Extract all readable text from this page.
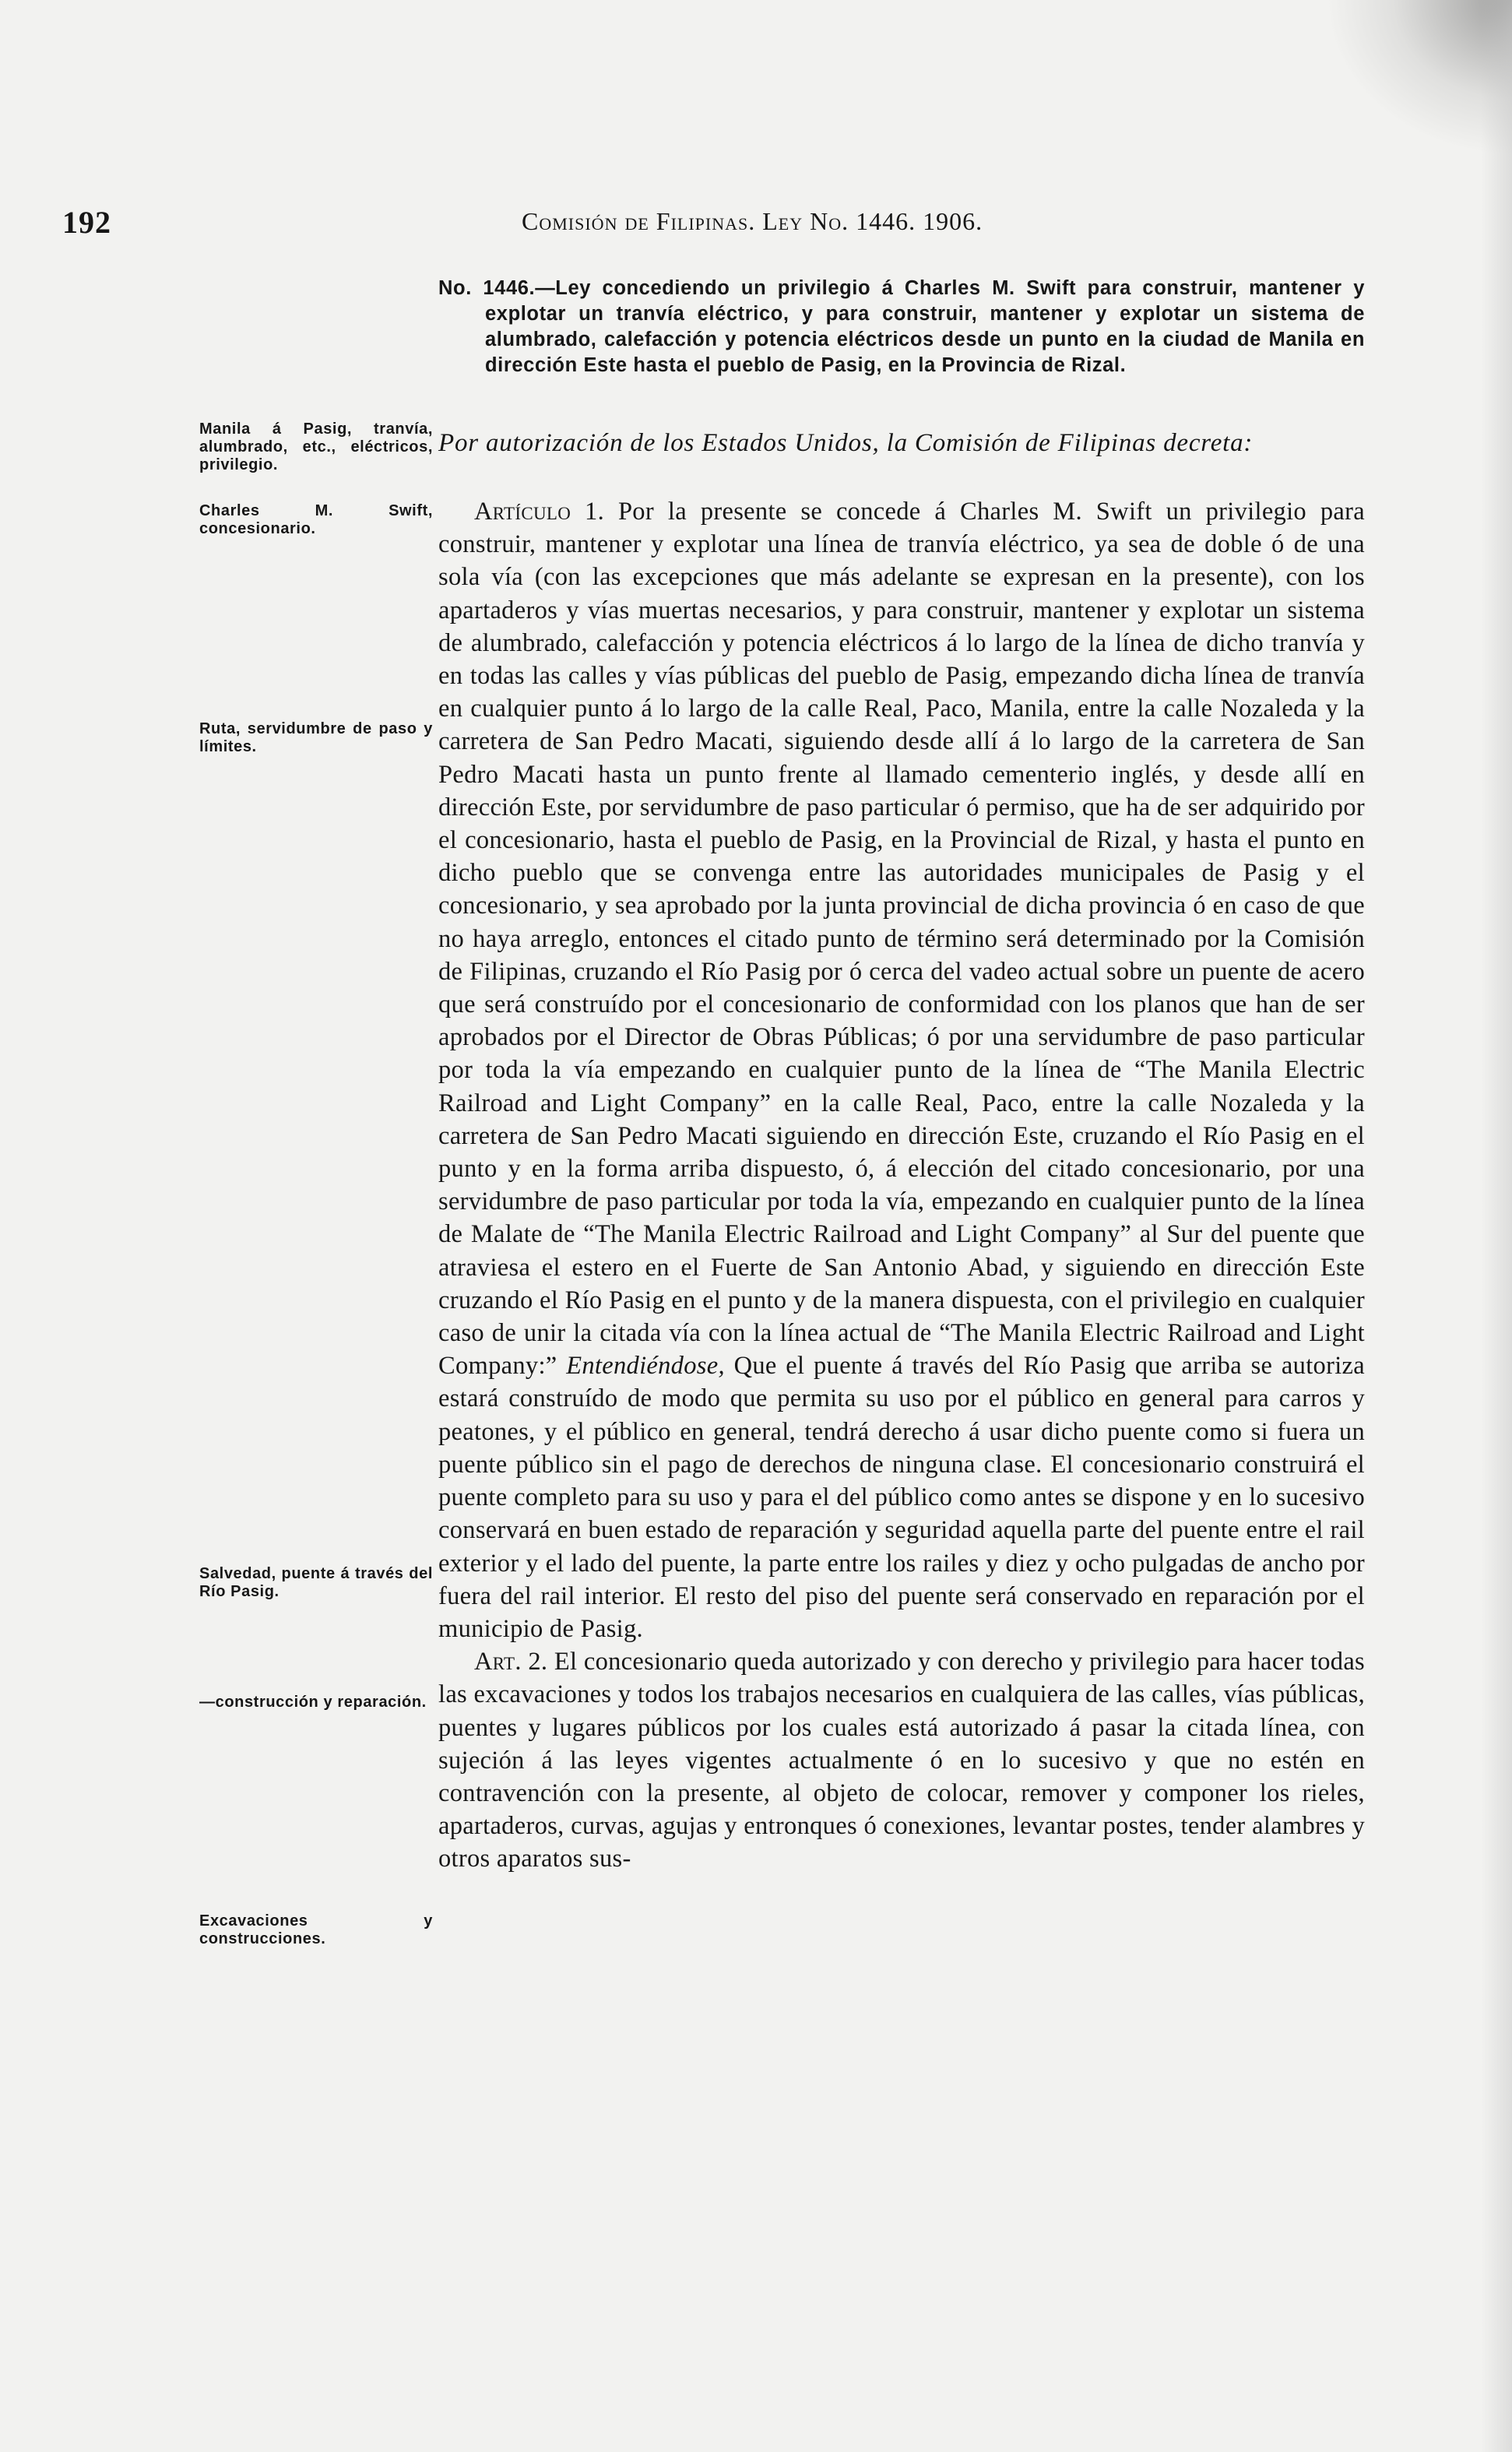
192	Comisión de Filipinas. Ley No. 1446. 1906.
No. 1446.—Ley concediendo un privilegio á Charles M. Swift para construir, mantener y explotar un tranvía eléctrico, y para construir, mantener y explotar un sistema de alumbrado, calefacción y potencia eléctricos desde un punto en la ciudad de Manila en dirección Este hasta el pueblo de Pasig, en la Provincia de Rizal.
Por autorización de los Estados Unidos, la Comisión de Filipinas decreta:

Artículo 1. Por la presente se concede á Charles M. Swift un privilegio para construir, mantener y explotar una línea de tranvía eléctrico, ya sea de doble ó de una sola vía (con las excepciones que más adelante se expresan en la presente), con los apartaderos y vías muertas necesarios, y para construir, mantener y explotar un sistema de alumbrado, calefacción y potencia eléctricos á lo largo de la línea de dicho tranvía y en todas las calles y vías públicas del pueblo de Pasig, empezando dicha línea de tranvía en cualquier punto á lo largo de la calle Real, Paco, Manila, entre la calle Nozaleda y la carretera de San Pedro Macati, siguiendo desde allí á lo largo de la carretera de San Pedro Macati hasta un punto frente al llamado cementerio inglés, y desde allí en dirección Este, por servidumbre de paso particular ó permiso, que ha de ser adquirido por el concesionario, hasta el pueblo de Pasig, en la Provincial de Rizal, y hasta el punto en dicho pueblo que se convenga entre las autoridades municipales de Pasig y el concesionario, y sea aprobado por la junta provincial de dicha provincia ó en caso de que no haya arreglo, entonces el citado punto de término será determinado por la Comisión de Filipinas, cruzando el Río Pasig por ó cerca del vadeo actual sobre un puente de acero que será construído por el concesionario de conformidad con los planos que han de ser aprobados por el Director de Obras Públicas; ó por una servidumbre de paso particular por toda la vía empezando en cualquier punto de la línea de “The Manila Electric Railroad and Light Company” en la calle Real, Paco, entre la calle Nozaleda y la carretera de San Pedro Macati siguiendo en dirección Este, cruzando el Río Pasig en el punto y en la forma arriba dispuesto, ó, á elección del citado concesionario, por una servidumbre de paso particular por toda la vía, empezando en cualquier punto de la línea de Malate de “The Manila Electric Railroad and Light Company” al Sur del puente que atraviesa el estero en el Fuerte de San Antonio Abad, y siguiendo en dirección Este cruzando el Río Pasig en el punto y de la manera dispuesta, con el privilegio en cualquier caso de unir la citada vía con la línea actual de “The Manila Electric Railroad and Light Company:” Entendiéndose, Que el puente á través del Río Pasig que arriba se autoriza estará construído de modo que permita su uso por el público en general para carros y peatones, y el público en general, tendrá derecho á usar dicho puente como si fuera un puente público sin el pago de derechos de ninguna clase. El concesionario construirá el puente completo para su uso y para el del público como antes se dispone y en lo sucesivo conservará en buen estado de reparación y seguridad aquella parte del puente entre el rail exterior y el lado del puente, la parte entre los railes y diez y ocho pulgadas de ancho por fuera del rail interior. El resto del piso del puente será conservado en reparación por el municipio de Pasig.

Art. 2. El concesionario queda autorizado y con derecho y privilegio para hacer todas las excavaciones y todos los trabajos necesarios en cualquiera de las calles, vías públicas, puentes y lugares públicos por los cuales está autorizado á pasar la citada línea, con sujeción á las leyes vigentes actualmente ó en lo sucesivo y que no estén en contravención con la presente, al objeto de colocar, remover y componer los rieles, apartaderos, curvas, agujas y entronques ó conexiones, levantar postes, tender alambres y otros aparatos sus-

Manila á Pasig, tranvía, alumbrado, etc., eléctricos, privilegio.
Charles M. Swift, concesionario.
Ruta, servidumbre de paso y límites.
Salvedad, puente á través del Río Pasig.
—construcción y reparación.
Excavaciones y construcciones.
